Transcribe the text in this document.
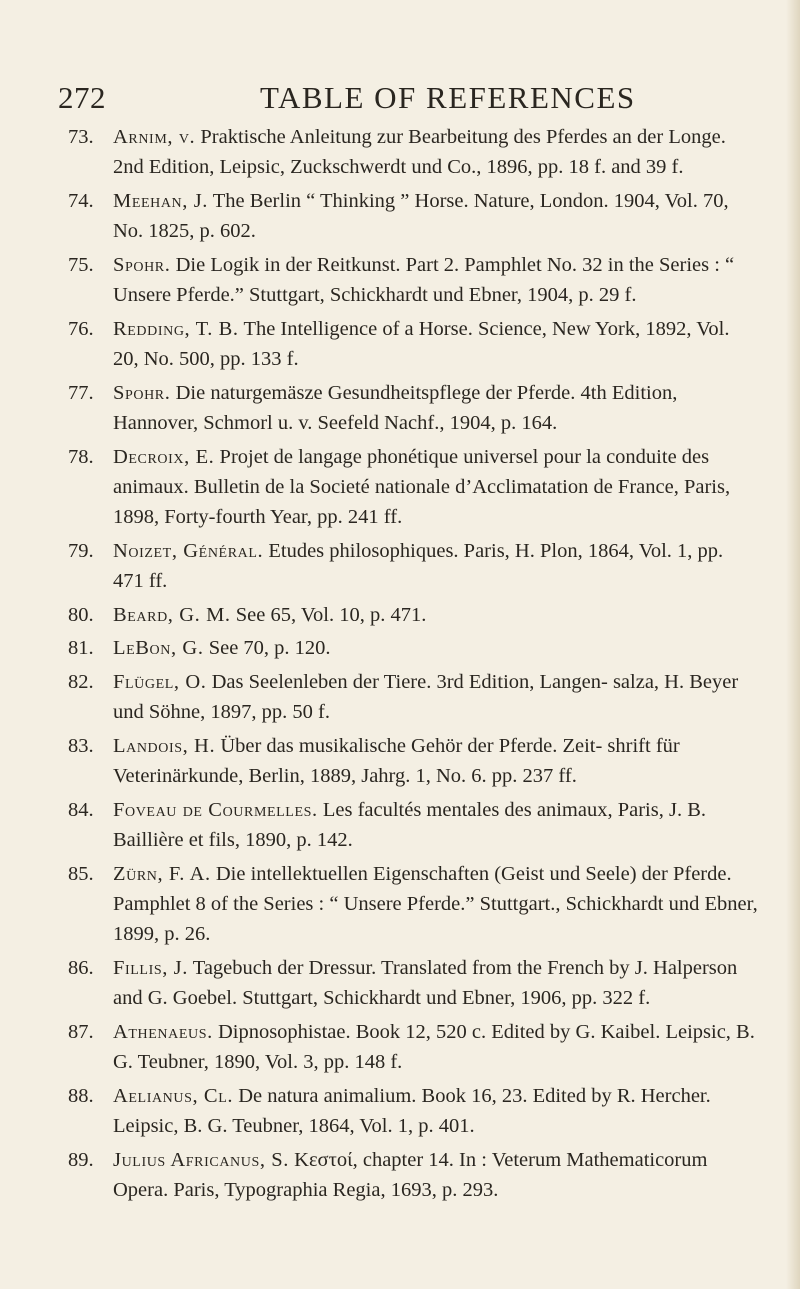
272	TABLE OF REFERENCES
73. Arnim, v. Praktische Anleitung zur Bearbeitung des Pferdes an der Longe. 2nd Edition, Leipsic, Zuckschwerdt und Co., 1896, pp. 18 f. and 39 f.
74. Meehan, J. The Berlin “ Thinking ” Horse. Nature, London. 1904, Vol. 70, No. 1825, p. 602.
75. Spohr. Die Logik in der Reitkunst. Part 2. Pamphlet No. 32 in the Series : “ Unsere Pferde.” Stuttgart, Schickhardt und Ebner, 1904, p. 29 f.
76. Redding, T. B. The Intelligence of a Horse. Science, New York, 1892, Vol. 20, No. 500, pp. 133 f.
77. Spohr. Die naturgemäsze Gesundheitspflege der Pferde. 4th Edition, Hannover, Schmorl u. v. Seefeld Nachf., 1904, p. 164.
78. Decroix, E. Projet de langage phonétique universel pour la conduite des animaux. Bulletin de la Societé nationale d’Acclimatation de France, Paris, 1898, Forty-fourth Year, pp. 241 ff.
79. Noizet, Général. Etudes philosophiques. Paris, H. Plon, 1864, Vol. 1, pp. 471 ff.
80. Beard, G. M. See 65, Vol. 10, p. 471.
81. LeBon, G. See 70, p. 120.
82. Flügel, O. Das Seelenleben der Tiere. 3rd Edition, Langen- salza, H. Beyer und Söhne, 1897, pp. 50 f.
83. Landois, H. Über das musikalische Gehör der Pferde. Zeit- shrift für Veterinärkunde, Berlin, 1889, Jahrg. 1, No. 6. pp. 237 ff.
84. Foveau de Courmelles. Les facultés mentales des animaux, Paris, J. B. Baillière et fils, 1890, p. 142.
85. Zürn, F. A. Die intellektuellen Eigenschaften (Geist und Seele) der Pferde. Pamphlet 8 of the Series : “ Unsere Pferde.” Stuttgart., Schickhardt und Ebner, 1899, p. 26.
86. Fillis, J. Tagebuch der Dressur. Translated from the French by J. Halperson and G. Goebel. Stuttgart, Schickhardt und Ebner, 1906, pp. 322 f.
87. Athenaeus. Dipnosophistae. Book 12, 520 c. Edited by G. Kaibel. Leipsic, B. G. Teubner, 1890, Vol. 3, pp. 148 f.
88. Aelianus, Cl. De natura animalium. Book 16, 23. Edited by R. Hercher. Leipsic, B. G. Teubner, 1864, Vol. 1, p. 401.
89. Julius Africanus, S. Κεστοί, chapter 14. In : Veterum Mathematicorum Opera. Paris, Typographia Regia, 1693, p. 293.
